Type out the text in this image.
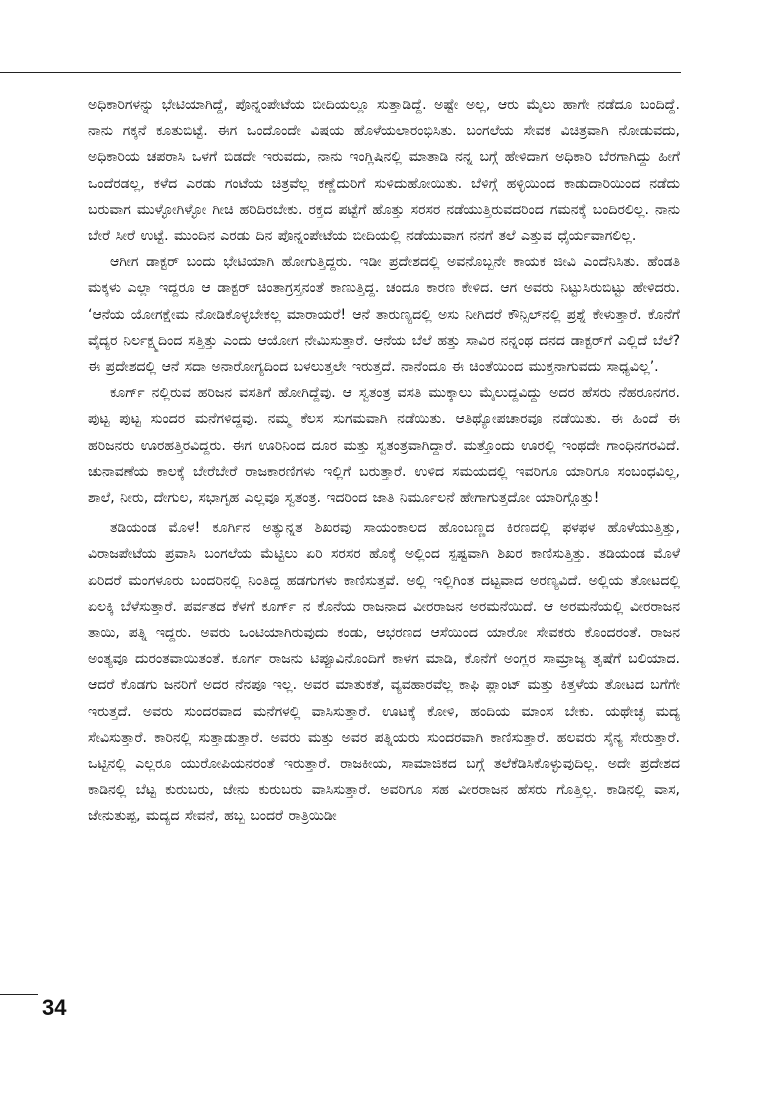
ಅಧಿಕಾರಿಗಳನ್ನು ಭೇಟಿಯಾಗಿದ್ದೆ, ಪೊನ್ನಂಪೇಟೆಯ ಬೀದಿಯಲ್ಲೂ ಸುತ್ತಾಡಿದ್ದೆ. ಅಷ್ಟೇ ಅಲ್ಲ, ಆರು ಮೈಲು ಹಾಗೇ ನಡೆದೂ ಬಂದಿದ್ದೆ. ನಾನು ಗಕ್ಕನೆ ಕೂತುಬಿಟ್ಟೆ. ಈಗ ಒಂದೊಂದೇ ವಿಷಯ ಹೊಳೆಯಲಾರಂಭಿಸಿತು. ಬಂಗಲೆಯ ಸೇವಕ ವಿಚಿತ್ರವಾಗಿ ನೋಡುವದು, ಅಧಿಕಾರಿಯ ಚಪರಾಸಿ ಒಳಗೆ ಬಿಡದೇ ಇರುವದು, ನಾನು ಇಂಗ್ಲಿಷಿನಲ್ಲಿ ಮಾತಾಡಿ ನನ್ನ ಬಗ್ಗೆ ಹೇಳಿದಾಗ ಅಧಿಕಾರಿ ಬೆರಗಾಗಿದ್ದು ಹೀಗೆ ಒಂದೆರಡಲ್ಲ, ಕಳೆದ ಎರಡು ಗಂಟೆಯ ಚಿತ್ರವೆಲ್ಲ ಕಣ್ಣೆದುರಿಗೆ ಸುಳಿದುಹೋಯಿತು. ಬೆಳಿಗ್ಗೆ ಹಳ್ಳಿಯಿಂದ ಕಾಡುದಾರಿಯಿಂದ ನಡೆದು ಬರುವಾಗ ಮುಳ್ಳೋಗಿಳ್ಳೋ ಗೀಚಿ ಹರಿದಿರಬೇಕು. ರಕ್ತದ ಪಟ್ಟೆಗೆ ಹೊತ್ತು ಸರಸರ ನಡೆಯುತ್ತಿರುವದರಿಂದ ಗಮನಕ್ಕೆ ಬಂದಿರಲಿಲ್ಲ. ನಾನು ಬೇರೆ ಸೀರೆ ಉಟ್ಟೆ. ಮುಂದಿನ ಎರಡು ದಿನ ಪೊನ್ನಂಪೇಟೆಯ ಬೀದಿಯಲ್ಲಿ ನಡೆಯುವಾಗ ನನಗೆ ತಲೆ ಎತ್ತುವ ಧೈರ್ಯವಾಗಲಿಲ್ಲ.

ಆಗೀಗ ಡಾಕ್ಟರ್ ಬಂದು ಭೇಟಿಯಾಗಿ ಹೋಗುತ್ತಿದ್ದರು. ಇಡೀ ಪ್ರದೇಶದಲ್ಲಿ ಅವನೊಬ್ಬನೇ ಕಾಯಕ ಜೀವಿ ಎಂದೆನಿಸಿತು. ಹೆಂಡತಿ ಮಕ್ಕಳು ಎಲ್ಲಾ ಇದ್ದರೂ ಆ ಡಾಕ್ಟರ್ ಚಿಂತಾಗ್ರಸ್ತನಂತೆ ಕಾಣುತ್ತಿದ್ದ. ಚಂದೂ ಕಾರಣ ಕೇಳಿದ. ಆಗ ಅವರು ನಿಟ್ಟುಸಿರುಬಿಟ್ಟು ಹೇಳಿದರು. ‘ಆನೆಯ ಯೋಗಕ್ಷೇಮ ನೋಡಿಕೊಳ್ಳಬೇಕಲ್ಲ ಮಾರಾಯರೆ! ಆನೆ ತಾರುಣ್ಯದಲ್ಲಿ ಅಸು ನೀಗಿದರೆ ಕೌನ್ಸಿಲ್‌ನಲ್ಲಿ ಪ್ರಶ್ನೆ ಕೇಳುತ್ತಾರೆ. ಕೊನೆಗೆ ವೈದ್ಯರ ನಿರ್ಲಕ್ಷ್ಮದಿಂದ ಸತ್ತಿತ್ತು ಎಂದು ಆಯೋಗ ನೇಮಿಸುತ್ತಾರೆ. ಆನೆಯ ಬೆಲೆ ಹತ್ತು ಸಾವಿರ ನನ್ನಂಥ ದನದ ಡಾಕ್ಟರ್‌ಗೆ ಎಲ್ಲಿದೆ ಬೆಲೆ? ಈ ಪ್ರದೇಶದಲ್ಲಿ ಆನೆ ಸದಾ ಅನಾರೋಗ್ಯದಿಂದ ಬಳಲುತ್ತಲೇ ಇರುತ್ತದೆ. ನಾನೆಂದೂ ಈ ಚಿಂತೆಯಿಂದ ಮುಕ್ತನಾಗುವದು ಸಾಧ್ಯವಿಲ್ಲ’.

ಕೂರ್ಗ್ ನಲ್ಲಿರುವ ಹರಿಜನ ವಸತಿಗೆ ಹೋಗಿದ್ದೆವು. ಆ ಸ್ವತಂತ್ರ ವಸತಿ ಮುಕ್ಕಾಲು ಮೈಲುದ್ದವಿದ್ದು ಅದರ ಹೆಸರು ನೆಹರೂನಗರ. ಪುಟ್ಟ ಪುಟ್ಟ ಸುಂದರ ಮನೆಗಳಿದ್ದವು. ನಮ್ಮ ಕೆಲಸ ಸುಗಮವಾಗಿ ನಡೆಯಿತು. ಆತಿಥ್ಯೋಪಚಾರವೂ ನಡೆಯಿತು. ಈ ಹಿಂದೆ ಈ ಹರಿಜನರು ಊರಹತ್ತಿರವಿದ್ದರು. ಈಗ ಊರಿನಿಂದ ದೂರ ಮತ್ತು ಸ್ವತಂತ್ರವಾಗಿದ್ದಾರೆ. ಮತ್ತೊಂದು ಊರಲ್ಲಿ ಇಂಥದೇ ಗಾಂಧಿನಗರವಿದೆ. ಚುನಾವಣೆಯ ಕಾಲಕ್ಕೆ ಬೇರೆಬೇರೆ ರಾಜಕಾರಣಿಗಳು ಇಲ್ಲಿಗೆ ಬರುತ್ತಾರೆ. ಉಳಿದ ಸಮಯದಲ್ಲಿ ಇವರಿಗೂ ಯಾರಿಗೂ ಸಂಬಂಧವಿಲ್ಲ, ಶಾಲೆ, ನೀರು, ದೇಗುಲ, ಸಭಾಗೃಹ ಎಲ್ಲವೂ ಸ್ವತಂತ್ರ. ಇದರಿಂದ ಜಾತಿ ನಿರ್ಮೂಲನೆ ಹೇಗಾಗುತ್ತದೋ ಯಾರಿಗ್ಗೊತ್ತು!

ತಡಿಯಂಡ ಮೊಳ! ಕೂರ್ಗಿನ ಅತ್ಯುನ್ನತ ಶಿಖರವು ಸಾಯಂಕಾಲದ ಹೊಂಬಣ್ಣದ ಕಿರಣದಲ್ಲಿ ಫಳಫಳ ಹೊಳೆಯುತ್ತಿತ್ತು, ವಿರಾಜಪೇಟೆಯ ಪ್ರವಾಸಿ ಬಂಗಲೆಯ ಮೆಟ್ಟಿಲು ಏರಿ ಸರಸರ ಹೊಕ್ಕೆ ಅಲ್ಲಿಂದ ಸ್ಪಷ್ಟವಾಗಿ ಶಿಖರ ಕಾಣಿಸುತ್ತಿತ್ತು. ತಡಿಯಂಡ ಮೊಳೆ ಏರಿದರೆ ಮಂಗಳೂರು ಬಂದರಿನಲ್ಲಿ ನಿಂತಿದ್ದ ಹಡಗುಗಳು ಕಾಣಿಸುತ್ತವೆ. ಅಲ್ಲಿ ಇಲ್ಲಿಗಿಂತ ದಟ್ಟವಾದ ಅರಣ್ಯವಿದೆ. ಅಲ್ಲಿಯ ತೋಟದಲ್ಲಿ ಏಲಕ್ಕಿ ಬೆಳೆಸುತ್ತಾರೆ. ಪರ್ವತದ ಕೆಳಗೆ ಕೂರ್ಗ್ ನ ಕೊನೆಯ ರಾಜನಾದ ವೀರರಾಜನ ಅರಮನೆಯಿದೆ. ಆ ಅರಮನೆಯಲ್ಲಿ ವೀರರಾಜನ ತಾಯಿ, ಪತ್ನಿ ಇದ್ದರು. ಅವರು ಒಂಟಿಯಾಗಿರುವುದು ಕಂಡು, ಆಭರಣದ ಆಸೆಯಿಂದ ಯಾರೋ ಸೇವಕರು ಕೊಂದರಂತೆ. ರಾಜನ ಅಂತ್ಯವೂ ದುರಂತವಾಯಿತಂತೆ. ಕೂರ್ಗ ರಾಜನು ಟಿಪ್ಪೂವಿನೊಂದಿಗೆ ಕಾಳಗ ಮಾಡಿ, ಕೊನೆಗೆ ಅಂಗ್ಲರ ಸಾಮ್ರಾಜ್ಯ ತೃಷೆಗೆ ಬಲಿಯಾದ. ಆದರೆ ಕೊಡಗು ಜನರಿಗೆ ಅದರ ನೆನಪೂ ಇಲ್ಲ. ಅವರ ಮಾತುಕತೆ, ವ್ಯವಹಾರವೆಲ್ಲ ಕಾಫಿ ಪ್ಲಾಂಟ್ ಮತ್ತು ಕಿತ್ತಳೆಯ ತೋಟದ ಬಗೆಗೇ ಇರುತ್ತದೆ. ಅವರು ಸುಂದರವಾದ ಮನೆಗಳಲ್ಲಿ ವಾಸಿಸುತ್ತಾರೆ. ಊಟಕ್ಕೆ ಕೋಳಿ, ಹಂದಿಯ ಮಾಂಸ ಬೇಕು. ಯಥೇಚ್ಛ ಮದ್ಯ ಸೇವಿಸುತ್ತಾರೆ. ಕಾರಿನಲ್ಲಿ ಸುತ್ತಾಡುತ್ತಾರೆ. ಅವರು ಮತ್ತು ಅವರ ಪತ್ನಿಯರು ಸುಂದರವಾಗಿ ಕಾಣಿಸುತ್ತಾರೆ. ಹಲವರು ಸೈನ್ಯ ಸೇರುತ್ತಾರೆ. ಒಟ್ಟಿನಲ್ಲಿ ಎಲ್ಲರೂ ಯುರೋಪಿಯನರಂತೆ ಇರುತ್ತಾರೆ. ರಾಜಕೀಯ, ಸಾಮಾಜಿಕದ ಬಗ್ಗೆ ತಲೆಕೆಡಿಸಿಕೊಳ್ಳುವುದಿಲ್ಲ. ಅದೇ ಪ್ರದೇಶದ ಕಾಡಿನಲ್ಲಿ ಬೆಟ್ಟ ಕುರುಬರು, ಜೇನು ಕುರುಬರು ವಾಸಿಸುತ್ತಾರೆ. ಅವರಿಗೂ ಸಹ ವೀರರಾಜನ ಹೆಸರು ಗೊತ್ತಿಲ್ಲ. ಕಾಡಿನಲ್ಲಿ ವಾಸ, ಜೇನುತುಪ್ಪ, ಮದ್ಯದ ಸೇವನೆ, ಹಬ್ಬ ಬಂದರೆ ರಾತ್ರಿಯಿಡೀ

34
